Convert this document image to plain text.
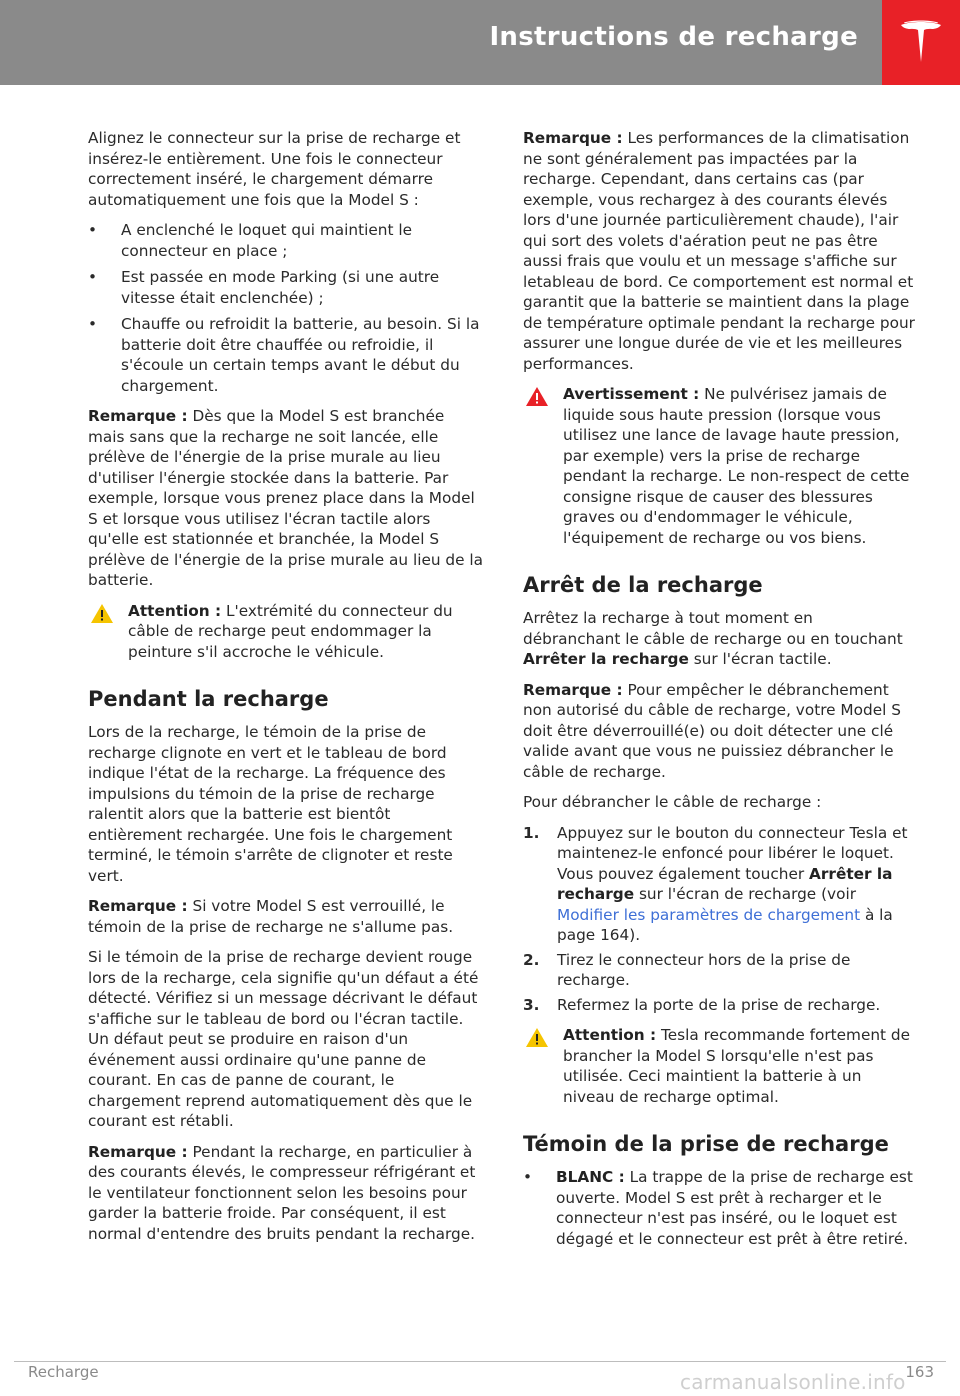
Instructions de recharge

Alignez le connecteur sur la prise de recharge et insérez-le entièrement. Une fois le connecteur correctement inséré, le chargement démarre automatiquement une fois que la Model S :

• A enclenché le loquet qui maintient le connecteur en place ;
• Est passée en mode Parking (si une autre vitesse était enclenchée) ;
• Chauffe ou refroidit la batterie, au besoin. Si la batterie doit être chauffée ou refroidie, il s'écoule un certain temps avant le début du chargement.

Remarque : Dès que la Model S est branchée mais sans que la recharge ne soit lancée, elle prélève de l'énergie de la prise murale au lieu d'utiliser l'énergie stockée dans la batterie. Par exemple, lorsque vous prenez place dans la Model S et lorsque vous utilisez l'écran tactile alors qu'elle est stationnée et branchée, la Model S prélève de l'énergie de la prise murale au lieu de la batterie.

Attention : L'extrémité du connecteur du câble de recharge peut endommager la peinture s'il accroche le véhicule.
Pendant la recharge

Lors de la recharge, le témoin de la prise de recharge clignote en vert et le tableau de bord indique l'état de la recharge. La fréquence des impulsions du témoin de la prise de recharge ralentit alors que la batterie est bientôt entièrement rechargée. Une fois le chargement terminé, le témoin s'arrête de clignoter et reste vert.

Remarque : Si votre Model S est verrouillé, le témoin de la prise de recharge ne s'allume pas.

Si le témoin de la prise de recharge devient rouge lors de la recharge, cela signifie qu'un défaut a été détecté. Vérifiez si un message décrivant le défaut s'affiche sur le tableau de bord ou l'écran tactile. Un défaut peut se produire en raison d'un événement aussi ordinaire qu'une panne de courant. En cas de panne de courant, le chargement reprend automatiquement dès que le courant est rétabli.

Remarque : Pendant la recharge, en particulier à des courants élevés, le compresseur réfrigérant et le ventilateur fonctionnent selon les besoins pour garder la batterie froide. Par conséquent, il est normal d'entendre des bruits pendant la recharge.

Remarque : Les performances de la climatisation ne sont généralement pas impactées par la recharge. Cependant, dans certains cas (par exemple, vous rechargez à des courants élevés lors d'une journée particulièrement chaude), l'air qui sort des volets d'aération peut ne pas être aussi frais que voulu et un message s'affiche sur letableau de bord. Ce comportement est normal et garantit que la batterie se maintient dans la plage de température optimale pendant la recharge pour assurer une longue durée de vie et les meilleures performances.

Avertissement : Ne pulvérisez jamais de liquide sous haute pression (lorsque vous utilisez une lance de lavage haute pression, par exemple) vers la prise de recharge pendant la recharge. Le non-respect de cette consigne risque de causer des blessures graves ou d'endommager le véhicule, l'équipement de recharge ou vos biens.
Arrêt de la recharge

Arrêtez la recharge à tout moment en débranchant le câble de recharge ou en touchant Arrêter la recharge sur l'écran tactile.

Remarque : Pour empêcher le débranchement non autorisé du câble de recharge, votre Model S doit être déverrouillé(e) ou doit détecter une clé valide avant que vous ne puissiez débrancher le câble de recharge.

Pour débrancher le câble de recharge :

1. Appuyez sur le bouton du connecteur Tesla et maintenez-le enfoncé pour libérer le loquet. Vous pouvez également toucher Arrêter la recharge sur l'écran de recharge (voir Modifier les paramètres de chargement à la page 164).
2. Tirez le connecteur hors de la prise de recharge.
3. Refermez la porte de la prise de recharge.
Attention : Tesla recommande fortement de brancher la Model S lorsqu'elle n'est pas utilisée. Ceci maintient la batterie à un niveau de recharge optimal.
Témoin de la prise de recharge
• BLANC : La trappe de la prise de recharge est ouverte. Model S est prêt à recharger et le connecteur n'est pas inséré, ou le loquet est dégagé et le connecteur est prêt à être retiré.
Recharge	163
carmanualsonline.info
